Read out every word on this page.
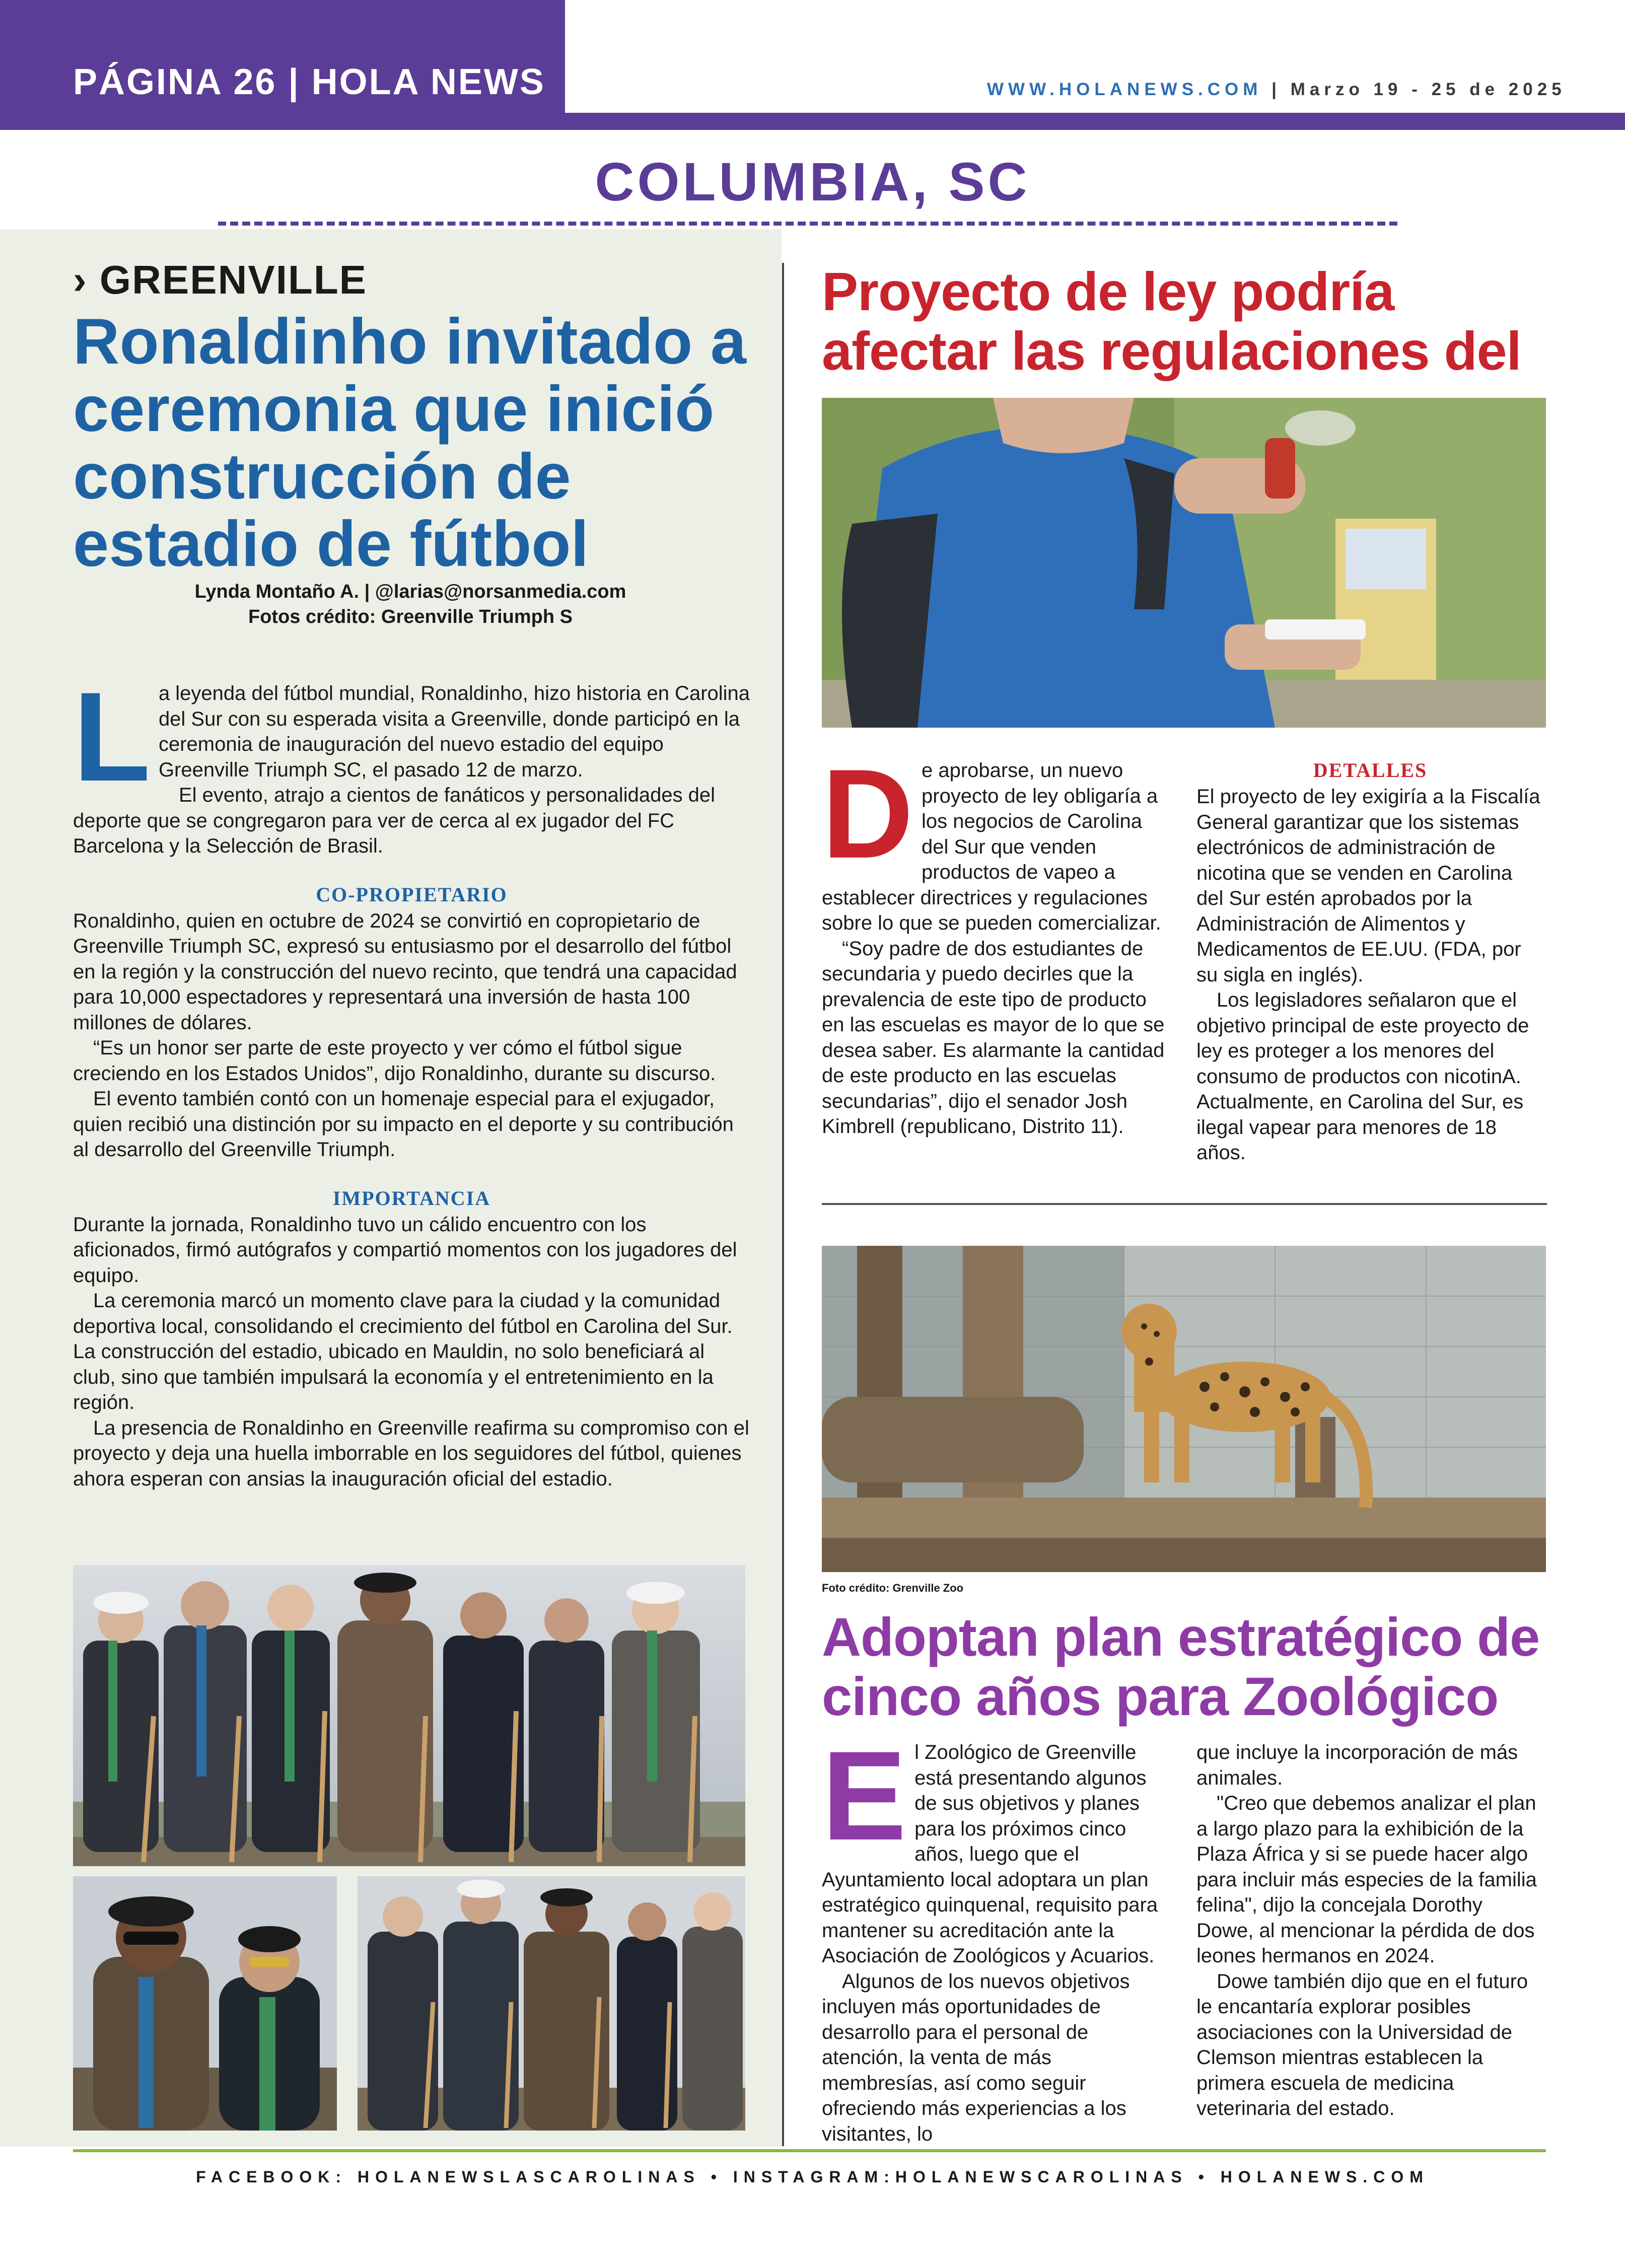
PÁGINA 26 | HOLA NEWS	WWW.HOLANEWS.COM | Marzo 19 - 25 de 2025
COLUMBIA, SC
› GREENVILLE
Ronaldinho invitado a ceremonia que inició construcción de estadio de fútbol
Lynda Montaño A. | @larias@norsanmedia.com
Fotos crédito: Greenville Triumph S
L a leyenda del fútbol mundial, Ronaldinho, hizo historia en Carolina del Sur con su esperada visita a Greenville, donde participó en la ceremonia de inauguración del nuevo estadio del equipo Greenville Triumph SC, el pasado 12 de marzo.

El evento, atrajo a cientos de fanáticos y personalidades del deporte que se congregaron para ver de cerca al ex jugador del FC Barcelona y la Selección de Brasil.

CO-PROPIETARIO

Ronaldinho, quien en octubre de 2024 se convirtió en copropietario de Greenville Triumph SC, expresó su entusiasmo por el desarrollo del fútbol en la región y la construcción del nuevo recinto, que tendrá una capacidad para 10,000 espectadores y representará una inversión de hasta 100 millones de dólares.

“Es un honor ser parte de este proyecto y ver cómo el fútbol sigue creciendo en los Estados Unidos”, dijo Ronaldinho, durante su discurso.

El evento también contó con un homenaje especial para el exjugador, quien recibió una distinción por su impacto en el deporte y su contribución al desarrollo del Greenville Triumph.

IMPORTANCIA

Durante la jornada, Ronaldinho tuvo un cálido encuentro con los aficionados, firmó autógrafos y compartió momentos con los jugadores del equipo.

La ceremonia marcó un momento clave para la ciudad y la comunidad deportiva local, consolidando el crecimiento del fútbol en Carolina del Sur. La construcción del estadio, ubicado en Mauldin, no solo beneficiará al club, sino que también impulsará la economía y el entretenimiento en la región.

La presencia de Ronaldinho en Greenville reafirma su compromiso con el proyecto y deja una huella imborrable en los seguidores del fútbol, quienes ahora esperan con ansias la inauguración oficial del estadio.

Proyecto de ley podría afectar las regulaciones del
D e aprobarse, un nuevo proyecto de ley obligaría a los negocios de Carolina del Sur que venden productos de vapeo a establecer directrices y regulaciones sobre lo que se pueden comercializar.

“Soy padre de dos estudiantes de secundaria y puedo decirles que la prevalencia de este tipo de producto en las escuelas es mayor de lo que se desea saber. Es alarmante la cantidad de este producto en las escuelas secundarias”, dijo el senador Josh Kimbrell (republicano, Distrito 11).

DETALLES

El proyecto de ley exigiría a la Fiscalía General garantizar que los sistemas electrónicos de administración de nicotina que se venden en Carolina del Sur estén aprobados por la Administración de Alimentos y Medicamentos de EE.UU. (FDA, por su sigla en inglés).

Los legisladores señalaron que el objetivo principal de este proyecto de ley es proteger a los menores del consumo de productos con nicotinA. Actualmente, en Carolina del Sur, es ilegal vapear para menores de 18 años.

Foto crédito: Grenville Zoo
Adoptan plan estratégico de cinco años para Zoológico
E l Zoológico de Greenville está presentando algunos de sus objetivos y planes para los próximos cinco años, luego que el Ayuntamiento local adoptara un plan estratégico quinquenal, requisito para mantener su acreditación ante la Asociación de Zoológicos y Acuarios.

Algunos de los nuevos objetivos incluyen más oportunidades de desarrollo para el personal de atención, la venta de más membresías, así como seguir ofreciendo más experiencias a los visitantes, lo

que incluye la incorporación de más animales.

"Creo que debemos analizar el plan a largo plazo para la exhibición de la Plaza África y si se puede hacer algo para incluir más especies de la familia felina", dijo la concejala Dorothy Dowe, al mencionar la pérdida de dos leones hermanos en 2024.

Dowe también dijo que en el futuro le encantaría explorar posibles asociaciones con la Universidad de Clemson mientras establecen la primera escuela de medicina veterinaria del estado.

FACEBOOK: HOLANEWSLASCAROLINAS • INSTAGRAM:HOLANEWSCAROLINAS • HOLANEWS.COM
